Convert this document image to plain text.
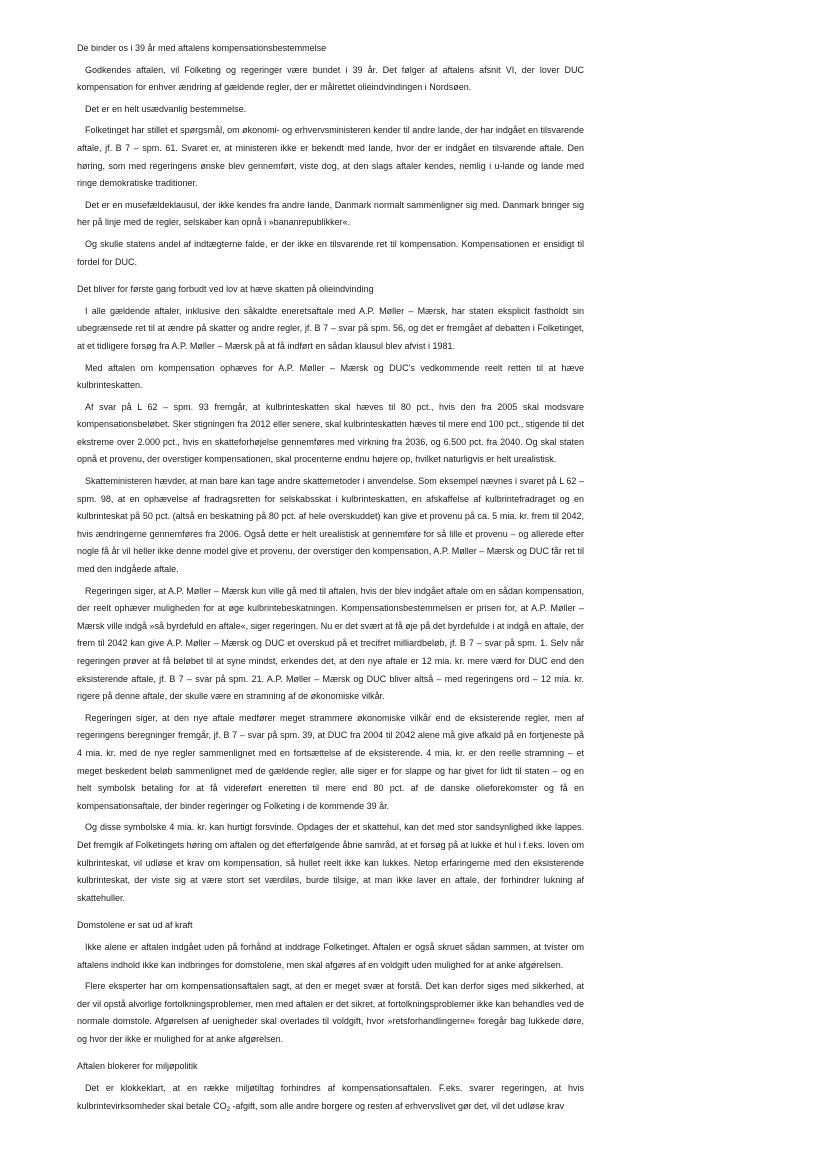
De binder os i 39 år med aftalens kompensationsbestemmelse

Godkendes aftalen, vil Folketing og regeringer være bundet i 39 år. Det følger af aftalens afsnit VI, der lover DUC kompensation for enhver ændring af gældende regler, der er målrettet olieindvindingen i Nordsøen.

Det er en helt usædvanlig bestemmelse.

Folketinget har stillet et spørgsmål, om økonomi- og erhvervsministeren kender til andre lande, der har indgået en tilsvarende aftale, jf. B 7 – spm. 61. Svaret er, at ministeren ikke er bekendt med lande, hvor der er indgået en tilsvarende aftale. Den høring, som med regeringens ønske blev gennemført, viste dog, at den slags aftaler kendes, nemlig i u-lande og lande med ringe demokratiske traditioner.

Det er en musefældeklausul, der ikke kendes fra andre lande, Danmark normalt sammenligner sig med. Danmark bringer sig her på linje med de regler, selskaber kan opnå i »bananrepublikker«.

Og skulle statens andel af indtægterne falde, er der ikke en tilsvarende ret til kompensation. Kompensationen er ensidigt til fordel for DUC.

Det bliver for første gang forbudt ved lov at hæve skatten på olieindvinding

I alle gældende aftaler, inklusive den såkaldte eneretsaftale med A.P. Møller – Mærsk, har staten eksplicit fastholdt sin ubegrænsede ret til at ændre på skatter og andre regler, jf. B 7 – svar på spm. 56, og det er fremgået af debatten i Folketinget, at et tidligere forsøg fra A.P. Møller – Mærsk på at få indført en sådan klausul blev afvist i 1981.

Med aftalen om kompensation ophæves for A.P. Møller – Mærsk og DUC's vedkommende reelt retten til at hæve kulbrinteskatten.

Af svar på L 62 – spm. 93 fremgår, at kulbrinteskatten skal hæves til 80 pct., hvis den fra 2005 skal modsvare kompensationsbeløbet. Sker stigningen fra 2012 eller senere, skal kulbrinteskatten hæves til mere end 100 pct., stigende til det ekstreme over 2.000 pct., hvis en skatteforhøjelse gennemføres med virkning fra 2036, og 6.500 pct. fra 2040. Og skal staten opnå et provenu, der overstiger kompensationen, skal procenterne endnu højere op, hvilket naturligvis er helt urealistisk.

Skatteministeren hævder, at man bare kan tage andre skattemetoder i anvendelse. Som eksempel nævnes i svaret på L 62 – spm. 98, at en ophævelse af fradragsretten for selskabsskat i kulbrinteskatten, en afskaffelse af kulbrintefradraget og en kulbrinteskat på 50 pct. (altså en beskatning på 80 pct. af hele overskuddet) kan give et provenu på ca. 5 mia. kr. frem til 2042, hvis ændringerne gennemføres fra 2006. Også dette er helt urealistisk at gennemføre for så lille et provenu – og allerede efter nogle få år vil heller ikke denne model give et provenu, der overstiger den kompensation, A.P. Møller – Mærsk og DUC får ret til med den indgåede aftale.

Regeringen siger, at A.P. Møller – Mærsk kun ville gå med til aftalen, hvis der blev indgået aftale om en sådan kompensation, der reelt ophæver muligheden for at øge kulbrintebeskatningen. Kompensationsbestemmelsen er prisen for, at A.P. Møller – Mærsk ville indgå »så byrdefuld en aftale«, siger regeringen. Nu er det svært at få øje på det byrdefulde i at indgå en aftale, der frem til 2042 kan give A.P. Møller – Mærsk og DUC et overskud på et trecifret milliardbeløb, jf. B 7 – svar på spm. 1. Selv når regeringen prøver at få beløbet til at syne mindst, erkendes det, at den nye aftale er 12 mia. kr. mere værd for DUC end den eksisterende aftale, jf. B 7 – svar på spm. 21. A.P. Møller – Mærsk og DUC bliver altså – med regeringens ord – 12 mia. kr. rigere på denne aftale, der skulle være en stramning af de økonomiske vilkår.

Regeringen siger, at den nye aftale medfører meget strammere økonomiske vilkår end de eksisterende regler, men af regeringens beregninger fremgår, jf. B 7 – svar på spm. 39, at DUC fra 2004 til 2042 alene må give afkald på en fortjeneste på 4 mia. kr. med de nye regler sammenlignet med en fortsættelse af de eksisterende. 4 mia. kr. er den reelle stramning – et meget beskedent beløb sammenlignet med de gældende regler, alle siger er for slappe og har givet for lidt til staten – og en helt symbolsk betaling for at få videreført eneretten til mere end 80 pct. af de danske olieforekomster og få en kompensationsaftale, der binder regeringer og Folketing i de kommende 39 år.

Og disse symbolske 4 mia. kr. kan hurtigt forsvinde. Opdages der et skattehul, kan det med stor sandsynlighed ikke lappes. Det fremgik af Folketingets høring om aftalen og det efterfølgende åbne samråd, at et forsøg på at lukke et hul i f.eks. loven om kulbrinteskat, vil udløse et krav om kompensation, så hullet reelt ikke kan lukkes. Netop erfaringerne med den eksisterende kulbrinteskat, der viste sig at være stort set værdiløs, burde tilsige, at man ikke laver en aftale, der forhindrer lukning af skattehuller.

Domstolene er sat ud af kraft

Ikke alene er aftalen indgået uden på forhånd at inddrage Folketinget. Aftalen er også skruet sådan sammen, at tvister om aftalens indhold ikke kan indbringes for domstolene, men skal afgøres af en voldgift uden mulighed for at anke afgørelsen.

Flere eksperter har om kompensationsaftalen sagt, at den er meget svær at forstå. Det kan derfor siges med sikkerhed, at der vil opstå alvorlige fortolkningsproblemer, men med aftalen er det sikret, at fortolkningsproblemer ikke kan behandles ved de normale domstole. Afgørelsen af uenigheder skal overlades til voldgift, hvor »retsforhandlingerne« foregår bag lukkede døre, og hvor der ikke er mulighed for at anke afgørelsen.

Aftalen blokerer for miljøpolitik

Det er klokkeklart, at en række miljøtiltag forhindres af kompensationsaftalen. F.eks. svarer regeringen, at hvis kulbrintevirksomheder skal betale $CO_2$ -afgift, som alle andre borgere og resten af erhvervslivet gør det, vil det udløse krav
